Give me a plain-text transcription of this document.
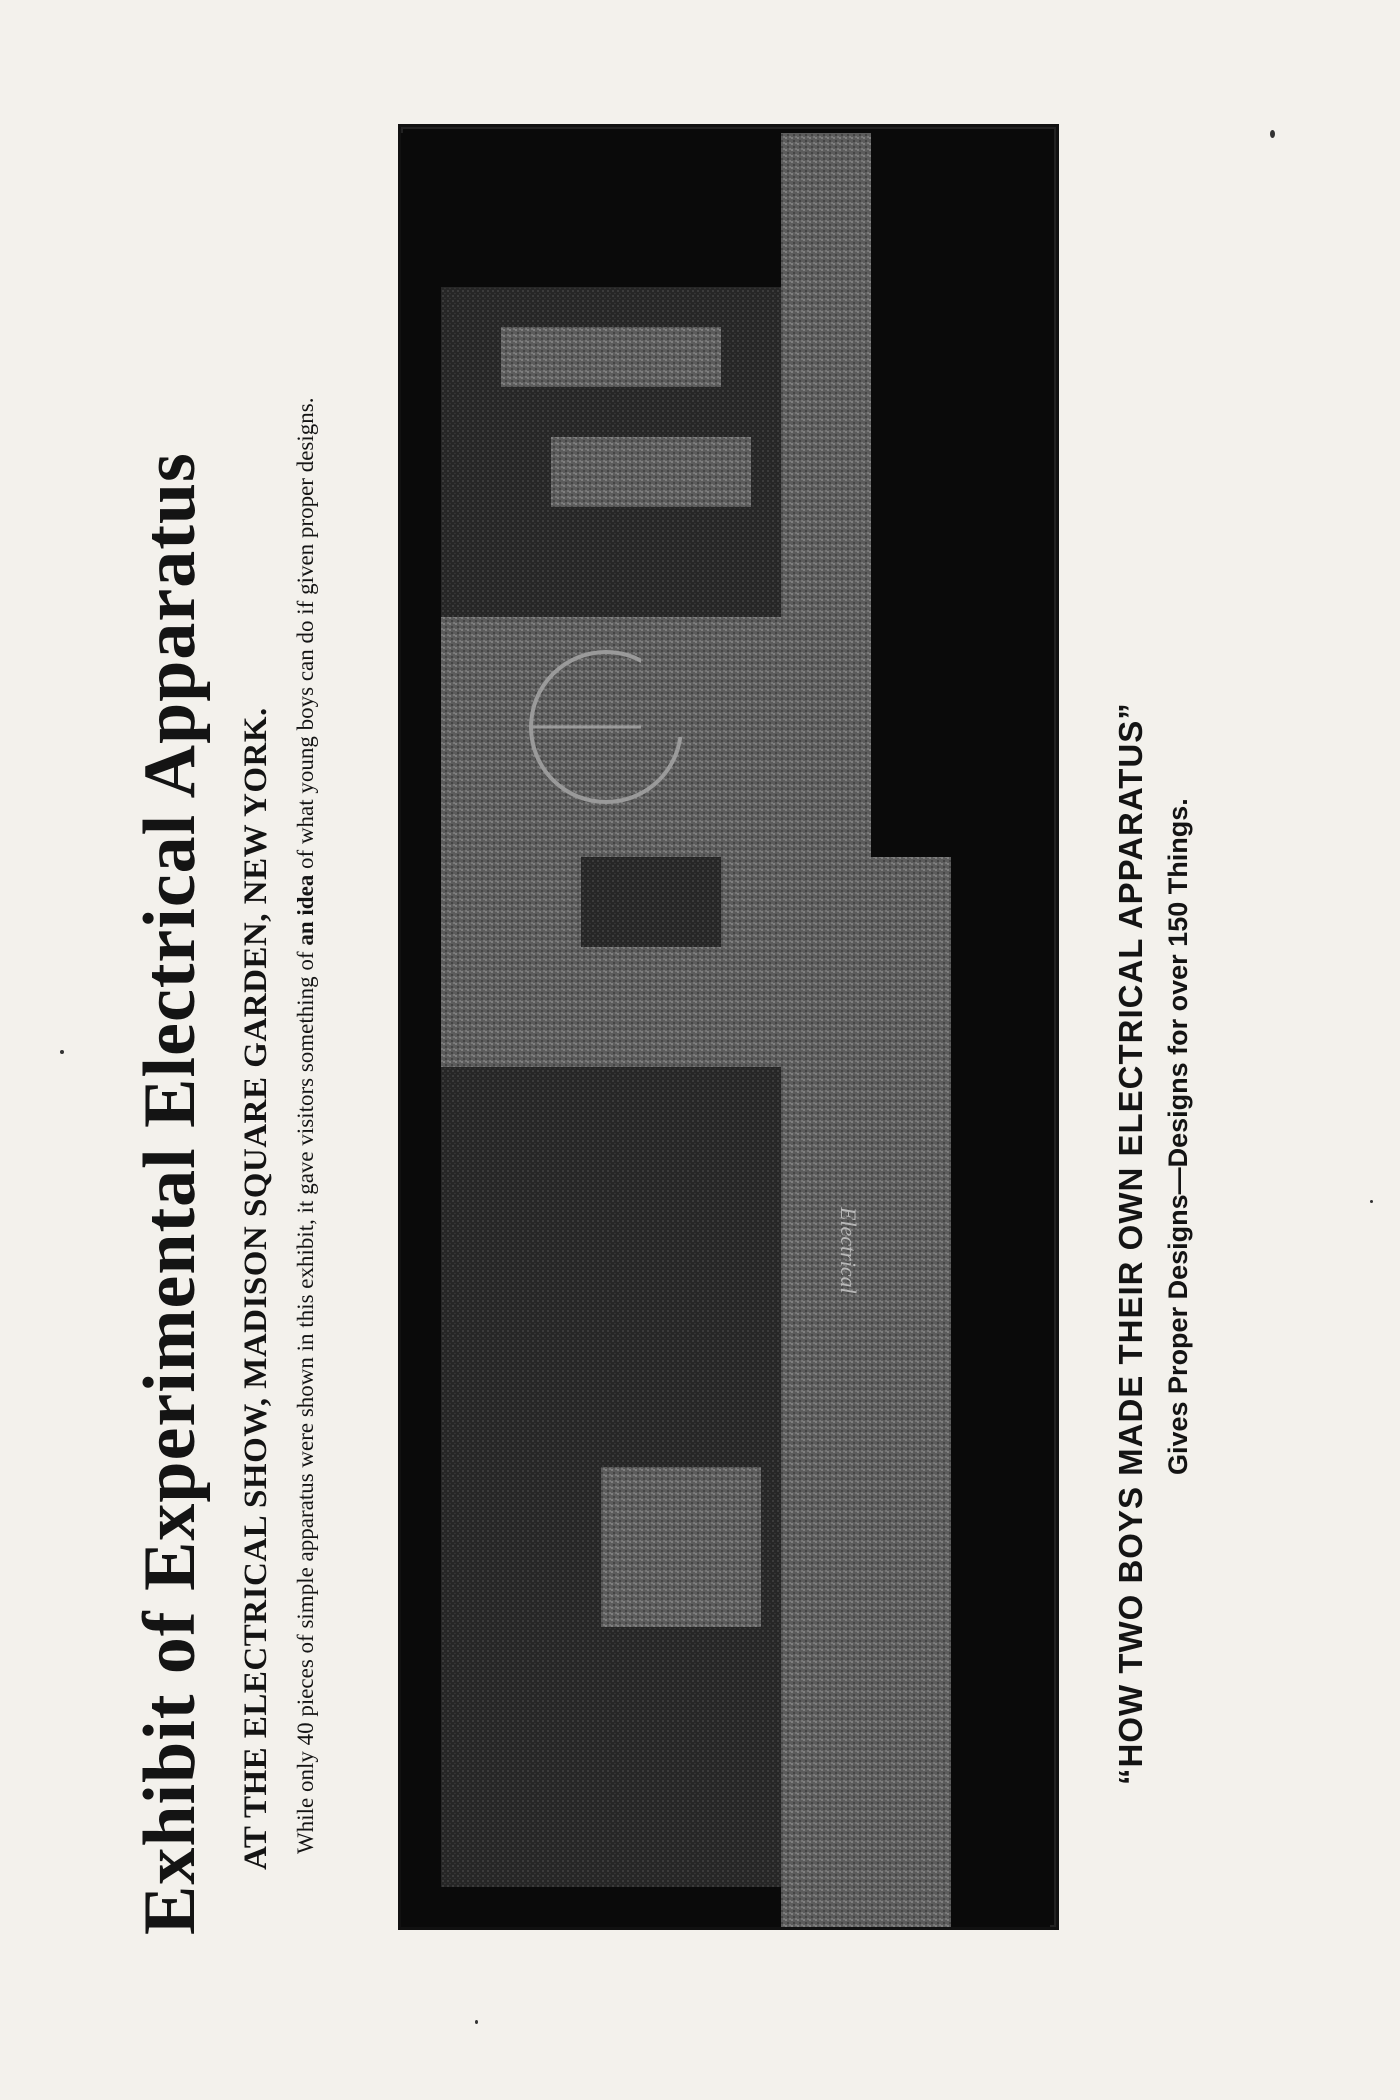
Exhibit of Experimental Electrical Apparatus AT THE ELECTRICAL SHOW, MADISON SQUARE GARDEN, NEW YORK. While only 40 pieces of simple apparatus were shown in this exhibit, it gave visitors something of an idea of what young boys can do if given proper designs.

Electrical	“HOW TWO BOYS MADE THEIR OWN ELECTRICAL APPARATUS” Gives Proper Designs—Designs for over 150 Things.
